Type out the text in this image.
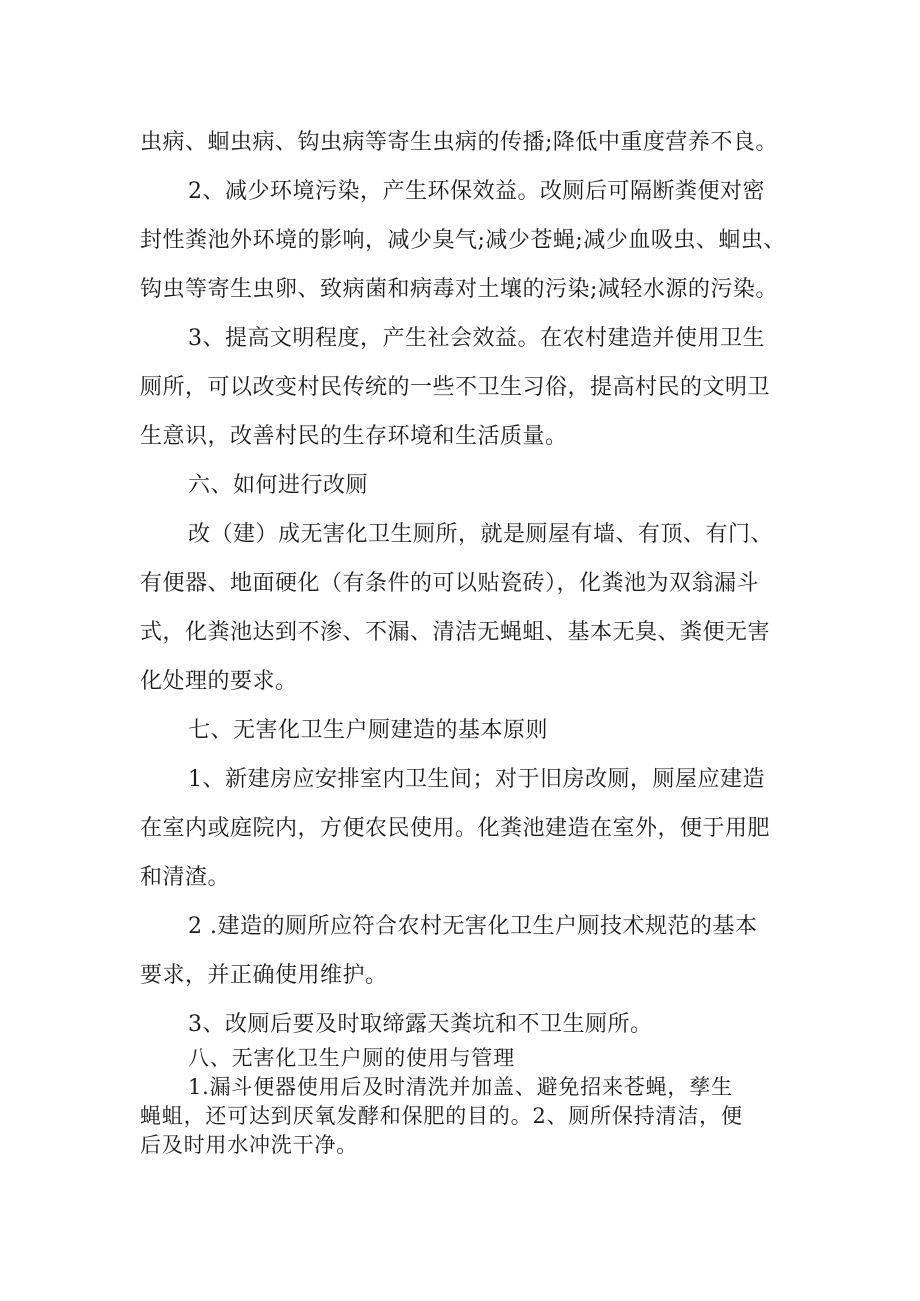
虫病、蛔虫病、钩虫病等寄生虫病的传播;降低中重度营养不良。
2、减少环境污染，产生环保效益。改厕后可隔断粪便对密
封性粪池外环境的影响，减少臭气;减少苍蝇;减少血吸虫、蛔虫、
钩虫等寄生虫卵、致病菌和病毒对土壤的污染;减轻水源的污染。
3、提高文明程度，产生社会效益。在农村建造并使用卫生
厕所，可以改变村民传统的一些不卫生习俗，提高村民的文明卫
生意识，改善村民的生存环境和生活质量。
六、如何进行改厕
改（建）成无害化卫生厕所，就是厕屋有墙、有顶、有门、
有便器、地面硬化（有条件的可以贴瓷砖），化粪池为双翁漏斗
式，化粪池达到不渗、不漏、清洁无蝇蛆、基本无臭、粪便无害
化处理的要求。
七、无害化卫生户厕建造的基本原则
1、新建房应安排室内卫生间；对于旧房改厕，厕屋应建造
在室内或庭院内，方便农民使用。化粪池建造在室外，便于用肥
和清渣。
2 .建造的厕所应符合农村无害化卫生户厕技术规范的基本
要求，并正确使用维护。
3、改厕后要及时取缔露天粪坑和不卫生厕所。
八、无害化卫生户厕的使用与管理
1.漏斗便器使用后及时清洗并加盖、避免招来苍蝇，孳生
蝇蛆，还可达到厌氧发酵和保肥的目的。2、厕所保持清洁，便
后及时用水冲洗干净。
